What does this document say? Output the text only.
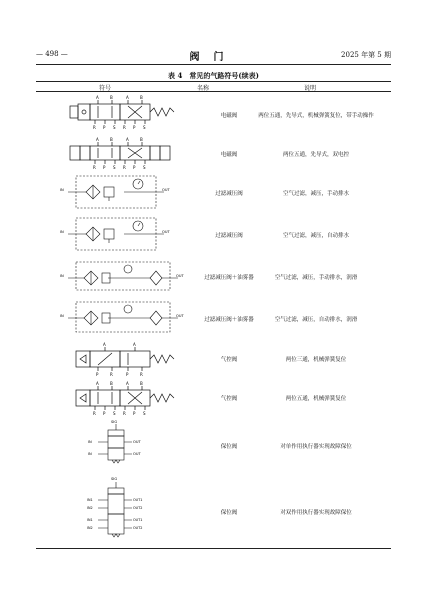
— 498 —	阀门	2025 年第 5 期
表 4　常见的气路符号(续表)
符号	名称	说明
A	B	A	B
R P S R P S
电磁阀	两位五通，先导式，机械弹簧复位，带手动操作
A	B	A	B
R P S R P S
电磁阀	两位五通，先导式，双电控
IN	OUT
过滤减压阀	空气过滤，减压，手动排水
IN	OUT
过滤减压阀	空气过滤，减压，自动排水
IN	OUT	过滤减压阀＋油雾器	空气过滤，减压，手动排水，润滑
IN	OUT
过滤减压阀＋油雾器	空气过滤，减压，自动排水，润滑
A	A
P	R	P	R
气控阀	两位三通，机械弹簧复位
A	B	A	B
R P S R P S
气控阀	两位五通，机械弹簧复位
SIG
IN	OUT
IN	OUT
保位阀	对单作用执行器实现故障保位
SIG
IN1
IN2
OUT1
OUT2
IN1
IN2
OUT1
OUT2
保位阀	对双作用执行器实现故障保位
